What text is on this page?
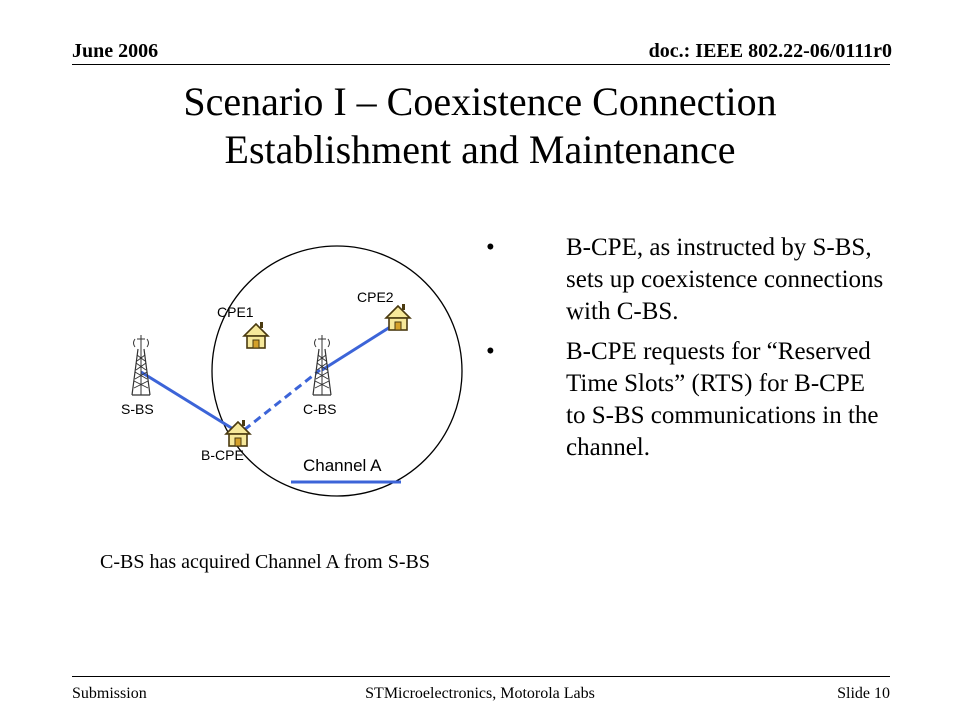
June 2006	doc.: IEEE 802.22-06/0111r0
Scenario I – Coexistence Connection
Establishment and Maintenance
CPE1
CPE2
S-BS	C-BS
B-CPE
Channel A
C-BS has acquired Channel A from S-BS
•	B-CPE, as instructed by S-BS, sets up coexistence connections with C-BS.
•	B-CPE requests for “Reserved Time Slots” (RTS) for B-CPE to S-BS communications in the channel.
Submission	STMicroelectronics, Motorola Labs	Slide 10
